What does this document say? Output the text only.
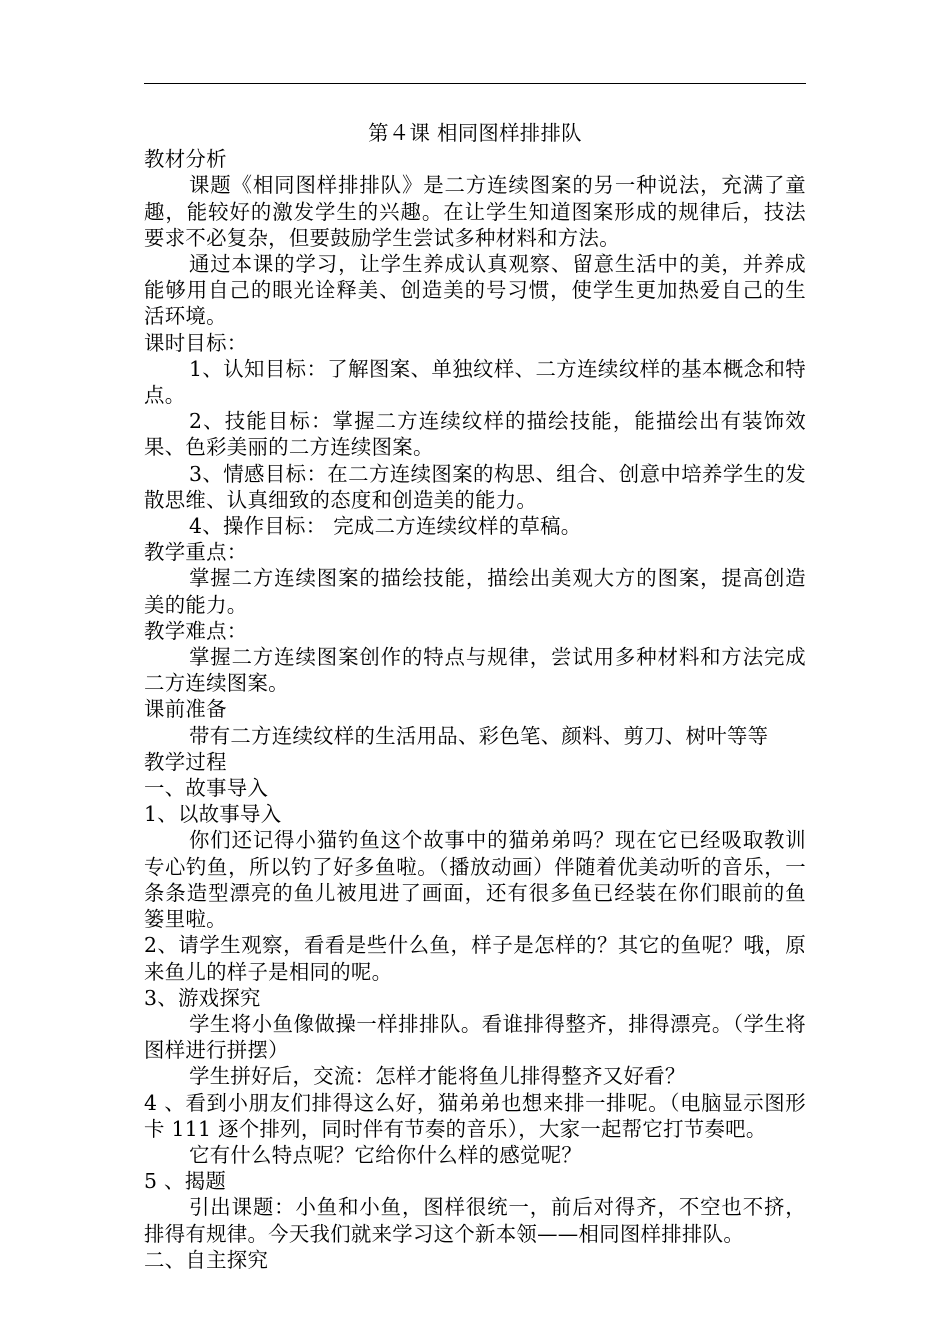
第４课 相同图样排排队

教材分析

课题《相同图样排排队》是二方连续图案的另一种说法，充满了童趣，能较好的激发学生的兴趣。在让学生知道图案形成的规律后，技法要求不必复杂，但要鼓励学生尝试多种材料和方法。

通过本课的学习，让学生养成认真观察、留意生活中的美，并养成能够用自己的眼光诠释美、创造美的号习惯，使学生更加热爱自己的生活环境。

课时目标：

1、认知目标：了解图案、单独纹样、二方连续纹样的基本概念和特点。

2、技能目标：掌握二方连续纹样的描绘技能，能描绘出有装饰效果、色彩美丽的二方连续图案。

3、情感目标：在二方连续图案的构思、组合、创意中培养学生的发散思维、认真细致的态度和创造美的能力。

4、操作目标： 完成二方连续纹样的草稿。

教学重点：

掌握二方连续图案的描绘技能，描绘出美观大方的图案，提高创造美的能力。

教学难点：

掌握二方连续图案创作的特点与规律，尝试用多种材料和方法完成二方连续图案。

课前准备

带有二方连续纹样的生活用品、彩色笔、颜料、剪刀、树叶等等

教学过程

一、故事导入

1、以故事导入

你们还记得小猫钓鱼这个故事中的猫弟弟吗？现在它已经吸取教训专心钓鱼，所以钓了好多鱼啦。（播放动画）伴随着优美动听的音乐，一条条造型漂亮的鱼儿被甩进了画面，还有很多鱼已经装在你们眼前的鱼篓里啦。

2、请学生观察，看看是些什么鱼，样子是怎样的？其它的鱼呢？哦，原来鱼儿的样子是相同的呢。

3、游戏探究

学生将小鱼像做操一样排排队。看谁排得整齐，排得漂亮。（学生将图样进行拼摆）

学生拼好后，交流：怎样才能将鱼儿排得整齐又好看？

4 、看到小朋友们排得这么好，猫弟弟也想来排一排呢。（电脑显示图形卡 111 逐个排列，同时伴有节奏的音乐），大家一起帮它打节奏吧。

它有什么特点呢？它给你什么样的感觉呢？

5 、揭题

引出课题：小鱼和小鱼，图样很统一，前后对得齐，不空也不挤，排得有规律。今天我们就来学习这个新本领——相同图样排排队。

二、自主探究
